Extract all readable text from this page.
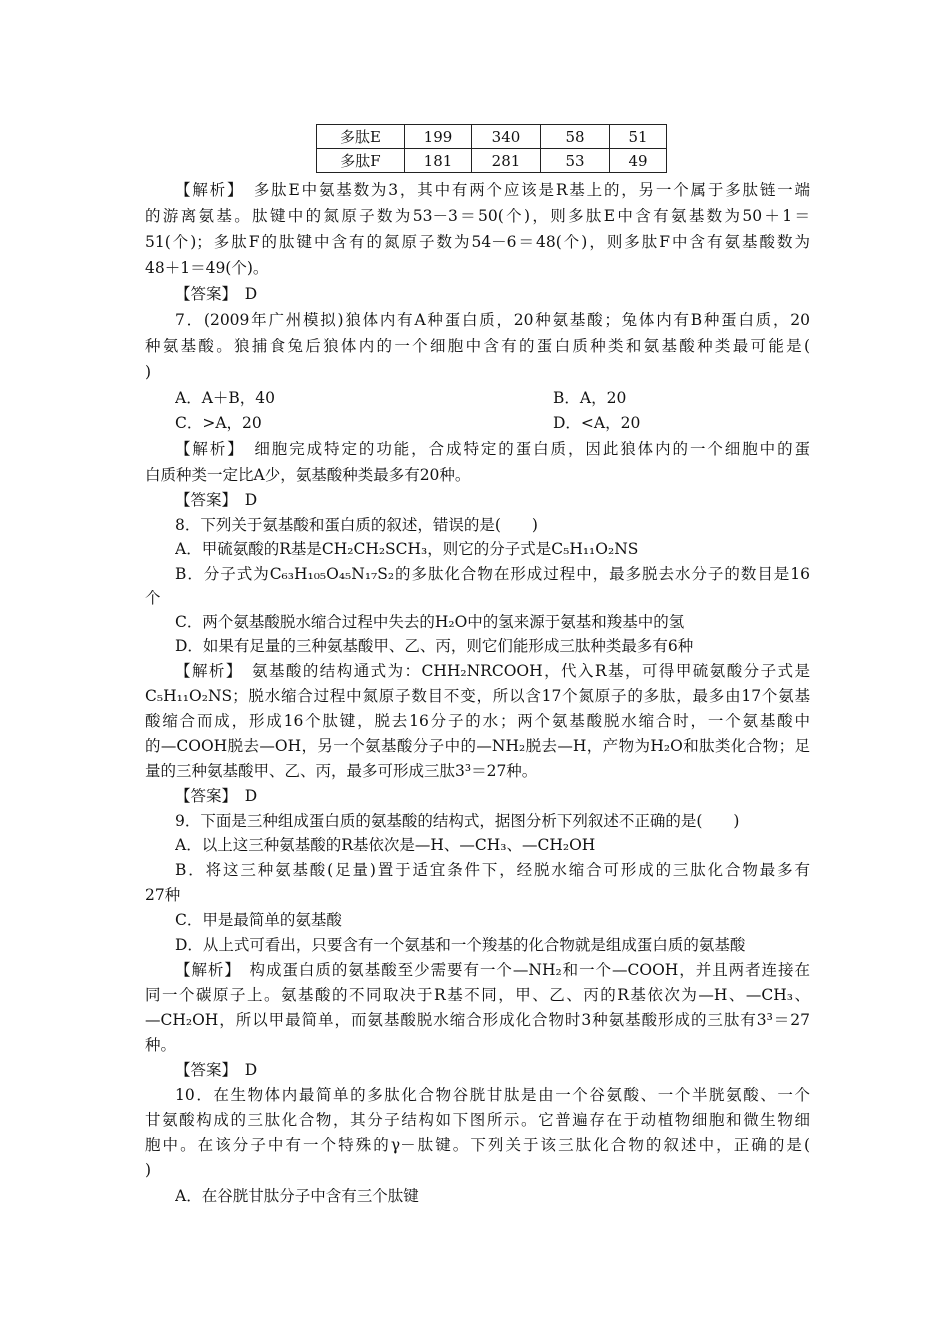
多肽E	199	340	58	51
多肽F	181	281	53	49
【解析】　多肽E中氨基数为3，其中有两个应该是R基上的，另一个属于多肽链一端
的游离氨基。肽键中的氮原子数为53－3＝50(个)，则多肽E中含有氨基数为50＋1＝
51(个)；多肽F的肽键中含有的氮原子数为54－6＝48(个)，则多肽F中含有氨基酸数为
48＋1＝49(个)。
【答案】　D
7．(2009年广州模拟)狼体内有A种蛋白质，20种氨基酸；兔体内有B种蛋白质，20
种氨基酸。狼捕食兔后狼体内的一个细胞中含有的蛋白质种类和氨基酸种类最可能是(
)
A．A＋B，40	B．A，20
C．>A，20	D．<A，20
【解析】　细胞完成特定的功能，合成特定的蛋白质，因此狼体内的一个细胞中的蛋
白质种类一定比A少，氨基酸种类最多有20种。
【答案】　D
8．下列关于氨基酸和蛋白质的叙述，错误的是(　　)
A．甲硫氨酸的R基是CH₂CH₂SCH₃，则它的分子式是C₅H₁₁O₂NS
B．分子式为C₆₃H₁₀₅O₄₅N₁₇S₂的多肽化合物在形成过程中，最多脱去水分子的数目是16
个
C．两个氨基酸脱水缩合过程中失去的H₂O中的氢来源于氨基和羧基中的氢
D．如果有足量的三种氨基酸甲、乙、丙，则它们能形成三肽种类最多有6种
【解析】　氨基酸的结构通式为：CHH₂NRCOOH，代入R基，可得甲硫氨酸分子式是
C₅H₁₁O₂NS；脱水缩合过程中氮原子数目不变，所以含17个氮原子的多肽，最多由17个氨基
酸缩合而成，形成16个肽键，脱去16分子的水；两个氨基酸脱水缩合时，一个氨基酸中
的—COOH脱去—OH，另一个氨基酸分子中的—NH₂脱去—H，产物为H₂O和肽类化合物；足
量的三种氨基酸甲、乙、丙，最多可形成三肽3³＝27种。
【答案】　D
9．下面是三种组成蛋白质的氨基酸的结构式，据图分析下列叙述不正确的是(　　)
A．以上这三种氨基酸的R基依次是—H、—CH₃、—CH₂OH
B．将这三种氨基酸(足量)置于适宜条件下，经脱水缩合可形成的三肽化合物最多有
27种
C．甲是最简单的氨基酸
D．从上式可看出，只要含有一个氨基和一个羧基的化合物就是组成蛋白质的氨基酸
【解析】　构成蛋白质的氨基酸至少需要有一个—NH₂和一个—COOH，并且两者连接在
同一个碳原子上。氨基酸的不同取决于R基不同，甲、乙、丙的R基依次为—H、—CH₃、
—CH₂OH，所以甲最简单，而氨基酸脱水缩合形成化合物时3种氨基酸形成的三肽有3³＝27
种。
【答案】　D
10．在生物体内最简单的多肽化合物谷胱甘肽是由一个谷氨酸、一个半胱氨酸、一个
甘氨酸构成的三肽化合物，其分子结构如下图所示。它普遍存在于动植物细胞和微生物细
胞中。在该分子中有一个特殊的γ－肽键。下列关于该三肽化合物的叙述中，正确的是(
)
A．在谷胱甘肽分子中含有三个肽键
